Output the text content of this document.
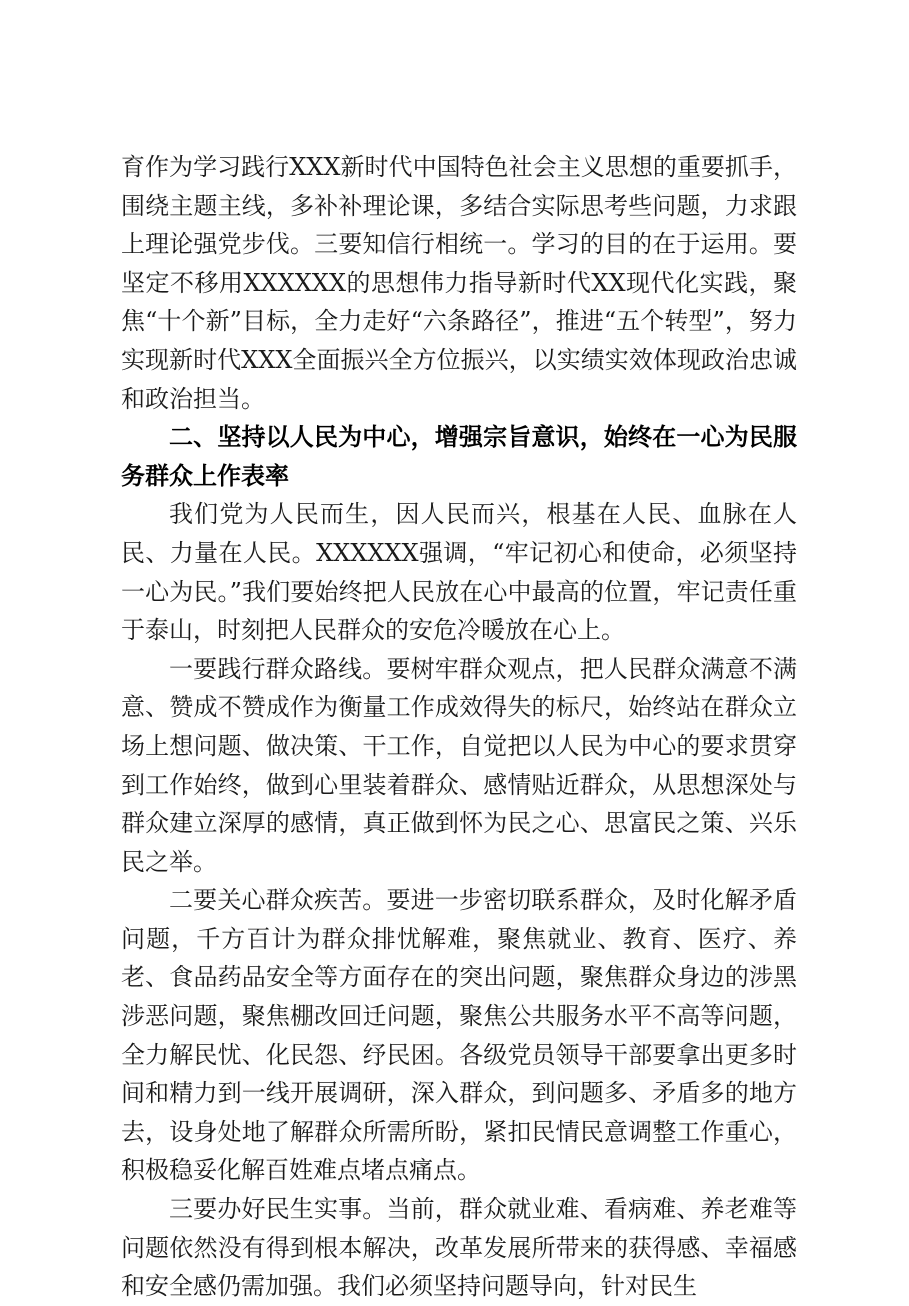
育作为学习践行XXX新时代中国特色社会主义思想的重要抓手，围绕主题主线，多补补理论课，多结合实际思考些问题，力求跟上理论强党步伐。三要知信行相统一。学习的目的在于运用。要坚定不移用XXXXXX的思想伟力指导新时代XX现代化实践，聚焦“十个新”目标，全力走好“六条路径”，推进“五个转型”，努力实现新时代XXX全面振兴全方位振兴，以实绩实效体现政治忠诚和政治担当。

二、坚持以人民为中心，增强宗旨意识，始终在一心为民服务群众上作表率

我们党为人民而生，因人民而兴，根基在人民、血脉在人民、力量在人民。XXXXXX强调，“牢记初心和使命，必须坚持一心为民。”我们要始终把人民放在心中最高的位置，牢记责任重于泰山，时刻把人民群众的安危冷暖放在心上。

一要践行群众路线。要树牢群众观点，把人民群众满意不满意、赞成不赞成作为衡量工作成效得失的标尺，始终站在群众立场上想问题、做决策、干工作，自觉把以人民为中心的要求贯穿到工作始终，做到心里装着群众、感情贴近群众，从思想深处与群众建立深厚的感情，真正做到怀为民之心、思富民之策、兴乐民之举。

二要关心群众疾苦。要进一步密切联系群众，及时化解矛盾问题，千方百计为群众排忧解难，聚焦就业、教育、医疗、养老、食品药品安全等方面存在的突出问题，聚焦群众身边的涉黑涉恶问题，聚焦棚改回迁问题，聚焦公共服务水平不高等问题，全力解民忧、化民怨、纾民困。各级党员领导干部要拿出更多时间和精力到一线开展调研，深入群众，到问题多、矛盾多的地方去，设身处地了解群众所需所盼，紧扣民情民意调整工作重心，积极稳妥化解百姓难点堵点痛点。

三要办好民生实事。当前，群众就业难、看病难、养老难等问题依然没有得到根本解决，改革发展所带来的获得感、幸福感和安全感仍需加强。我们必须坚持问题导向，针对民生
